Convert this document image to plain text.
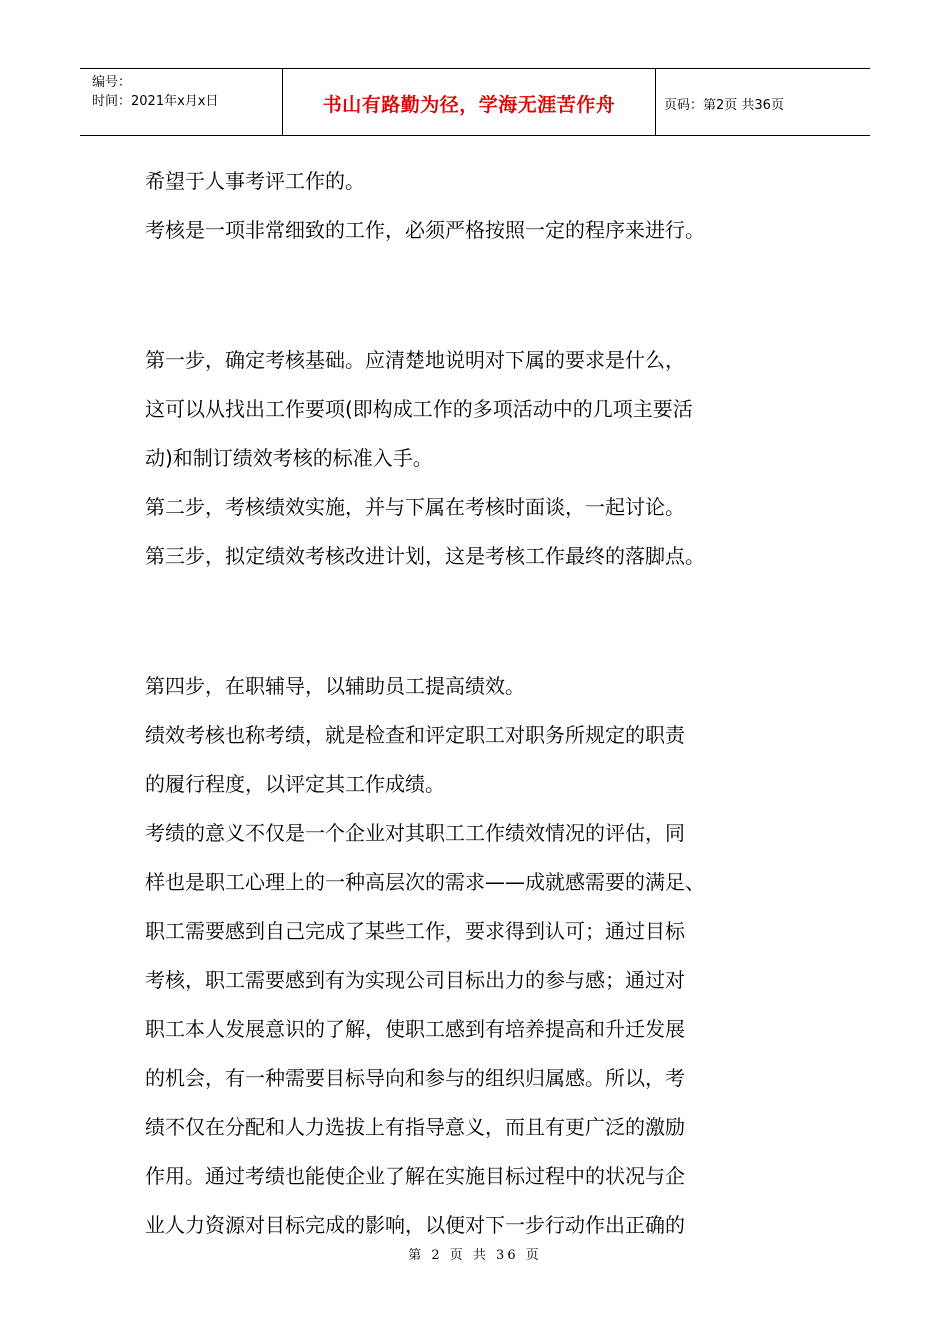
编号：
时间：2021年x月x日	书山有路勤为径，学海无涯苦作舟	页码：第2页 共36页

希望于人事考评工作的。

考核是一项非常细致的工作，必须严格按照一定的程序来进行。

第一步，确定考核基础。应清楚地说明对下属的要求是什么，

这可以从找出工作要项(即构成工作的多项活动中的几项主要活

动)和制订绩效考核的标准入手。

第二步，考核绩效实施，并与下属在考核时面谈，一起讨论。

第三步，拟定绩效考核改进计划，这是考核工作最终的落脚点。

第四步，在职辅导，以辅助员工提高绩效。

绩效考核也称考绩，就是检查和评定职工对职务所规定的职责

的履行程度，以评定其工作成绩。

考绩的意义不仅是一个企业对其职工工作绩效情况的评估，同

样也是职工心理上的一种高层次的需求——成就感需要的满足、

职工需要感到自己完成了某些工作，要求得到认可；通过目标

考核，职工需要感到有为实现公司目标出力的参与感；通过对

职工本人发展意识的了解，使职工感到有培养提高和升迁发展

的机会，有一种需要目标导向和参与的组织归属感。所以，考

绩不仅在分配和人力选拔上有指导意义，而且有更广泛的激励

作用。通过考绩也能使企业了解在实施目标过程中的状况与企

业人力资源对目标完成的影响，以便对下一步行动作出正确的

第 2 页 共 36 页
